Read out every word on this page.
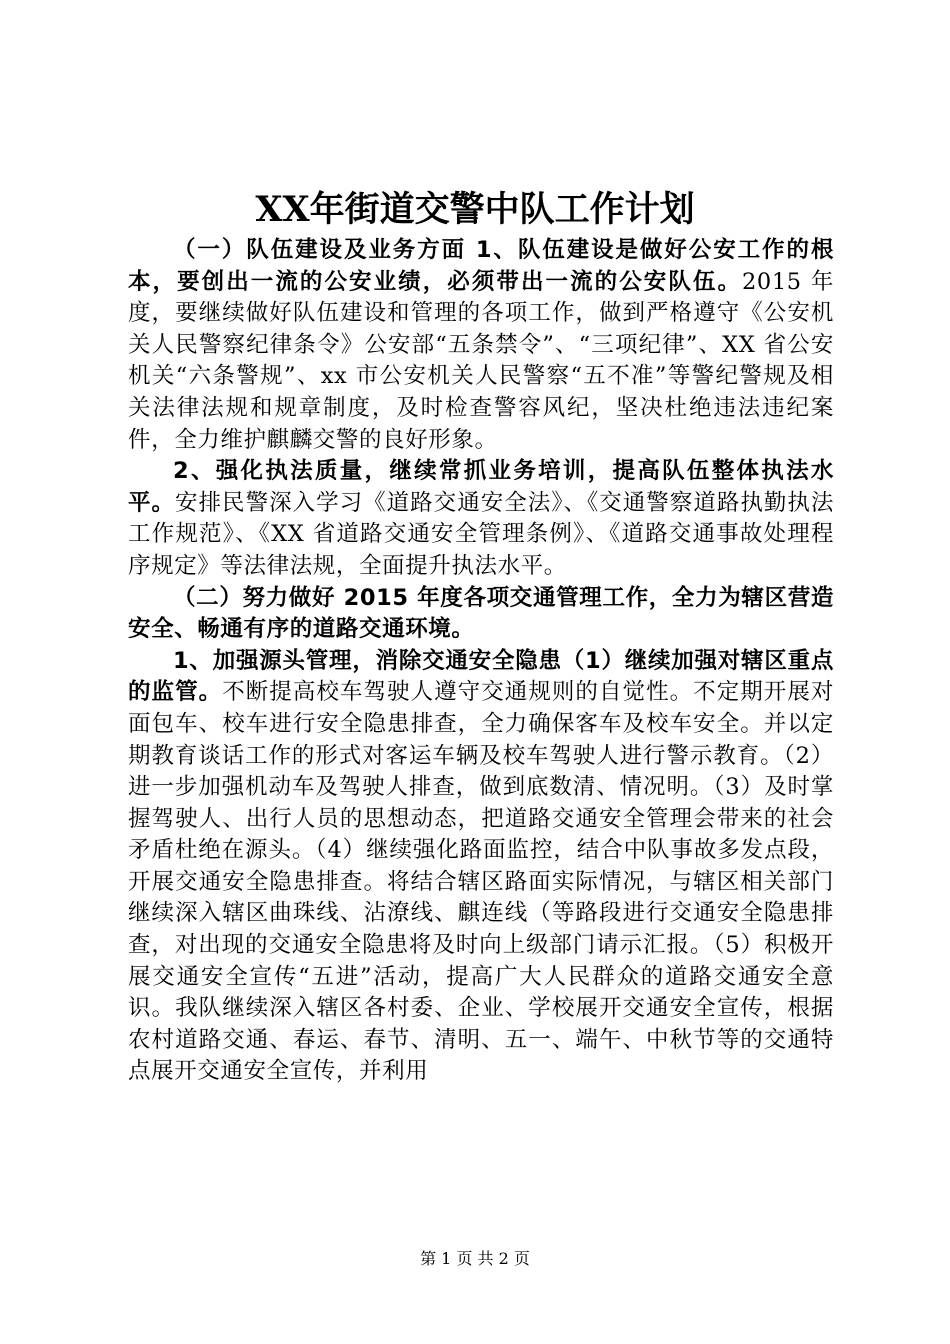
XX年街道交警中队工作计划

（一）队伍建设及业务方面 1、队伍建设是做好公安工作的根本，要创出一流的公安业绩，必须带出一流的公安队伍。2015 年度，要继续做好队伍建设和管理的各项工作，做到严格遵守《公安机关人民警察纪律条令》公安部“五条禁令”、“三项纪律”、XX 省公安机关“六条警规”、xx 市公安机关人民警察“五不准”等警纪警规及相关法律法规和规章制度，及时检查警容风纪，坚决杜绝违法违纪案件，全力维护麒麟交警的良好形象。

2、强化执法质量，继续常抓业务培训，提高队伍整体执法水平。安排民警深入学习《道路交通安全法》、《交通警察道路执勤执法工作规范》、《XX 省道路交通安全管理条例》、《道路交通事故处理程序规定》等法律法规，全面提升执法水平。

（二）努力做好 2015 年度各项交通管理工作，全力为辖区营造安全、畅通有序的道路交通环境。

1、加强源头管理，消除交通安全隐患（1）继续加强对辖区重点的监管。不断提高校车驾驶人遵守交通规则的自觉性。不定期开展对面包车、校车进行安全隐患排查，全力确保客车及校车安全。并以定期教育谈话工作的形式对客运车辆及校车驾驶人进行警示教育。（2）进一步加强机动车及驾驶人排查，做到底数清、情况明。（3）及时掌握驾驶人、出行人员的思想动态，把道路交通安全管理会带来的社会矛盾杜绝在源头。（4）继续强化路面监控，结合中队事故多发点段，开展交通安全隐患排查。将结合辖区路面实际情况，与辖区相关部门继续深入辖区曲珠线、沾潦线、麒连线（等路段进行交通安全隐患排查，对出现的交通安全隐患将及时向上级部门请示汇报。（5）积极开展交通安全宣传“五进”活动，提高广大人民群众的道路交通安全意识。我队继续深入辖区各村委、企业、学校展开交通安全宣传，根据农村道路交通、春运、春节、清明、五一、端午、中秋节等的交通特点展开交通安全宣传，并利用

第 1 页 共 2 页
